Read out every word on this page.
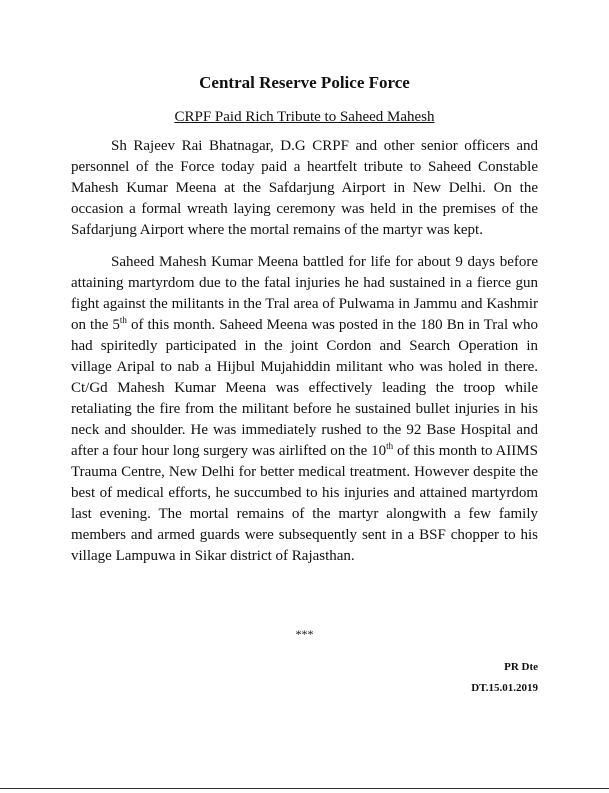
Central Reserve Police Force

CRPF Paid Rich Tribute to Saheed Mahesh

Sh Rajeev Rai Bhatnagar, D.G CRPF and other senior officers and personnel of the Force today paid a heartfelt tribute to Saheed Constable Mahesh Kumar Meena at the Safdarjung Airport in New Delhi. On the occasion a formal wreath laying ceremony was held in the premises of the Safdarjung Airport where the mortal remains of the martyr was kept.

Saheed Mahesh Kumar Meena battled for life for about 9 days before attaining martyrdom due to the fatal injuries he had sustained in a fierce gun fight against the militants in the Tral area of Pulwama in Jammu and Kashmir on the 5th of this month. Saheed Meena was posted in the 180 Bn in Tral who had spiritedly participated in the joint Cordon and Search Operation in village Aripal to nab a Hijbul Mujahiddin militant who was holed in there. Ct/Gd Mahesh Kumar Meena was effectively leading the troop while retaliating the fire from the militant before he sustained bullet injuries in his neck and shoulder. He was immediately rushed to the 92 Base Hospital and after a four hour long surgery was airlifted on the 10th of this month to AIIMS Trauma Centre, New Delhi for better medical treatment. However despite the best of medical efforts, he succumbed to his injuries and attained martyrdom last evening. The mortal remains of the martyr alongwith a few family members and armed guards were subsequently sent in a BSF chopper to his village Lampuwa in Sikar district of Rajasthan.

***

PR Dte

DT.15.01.2019
